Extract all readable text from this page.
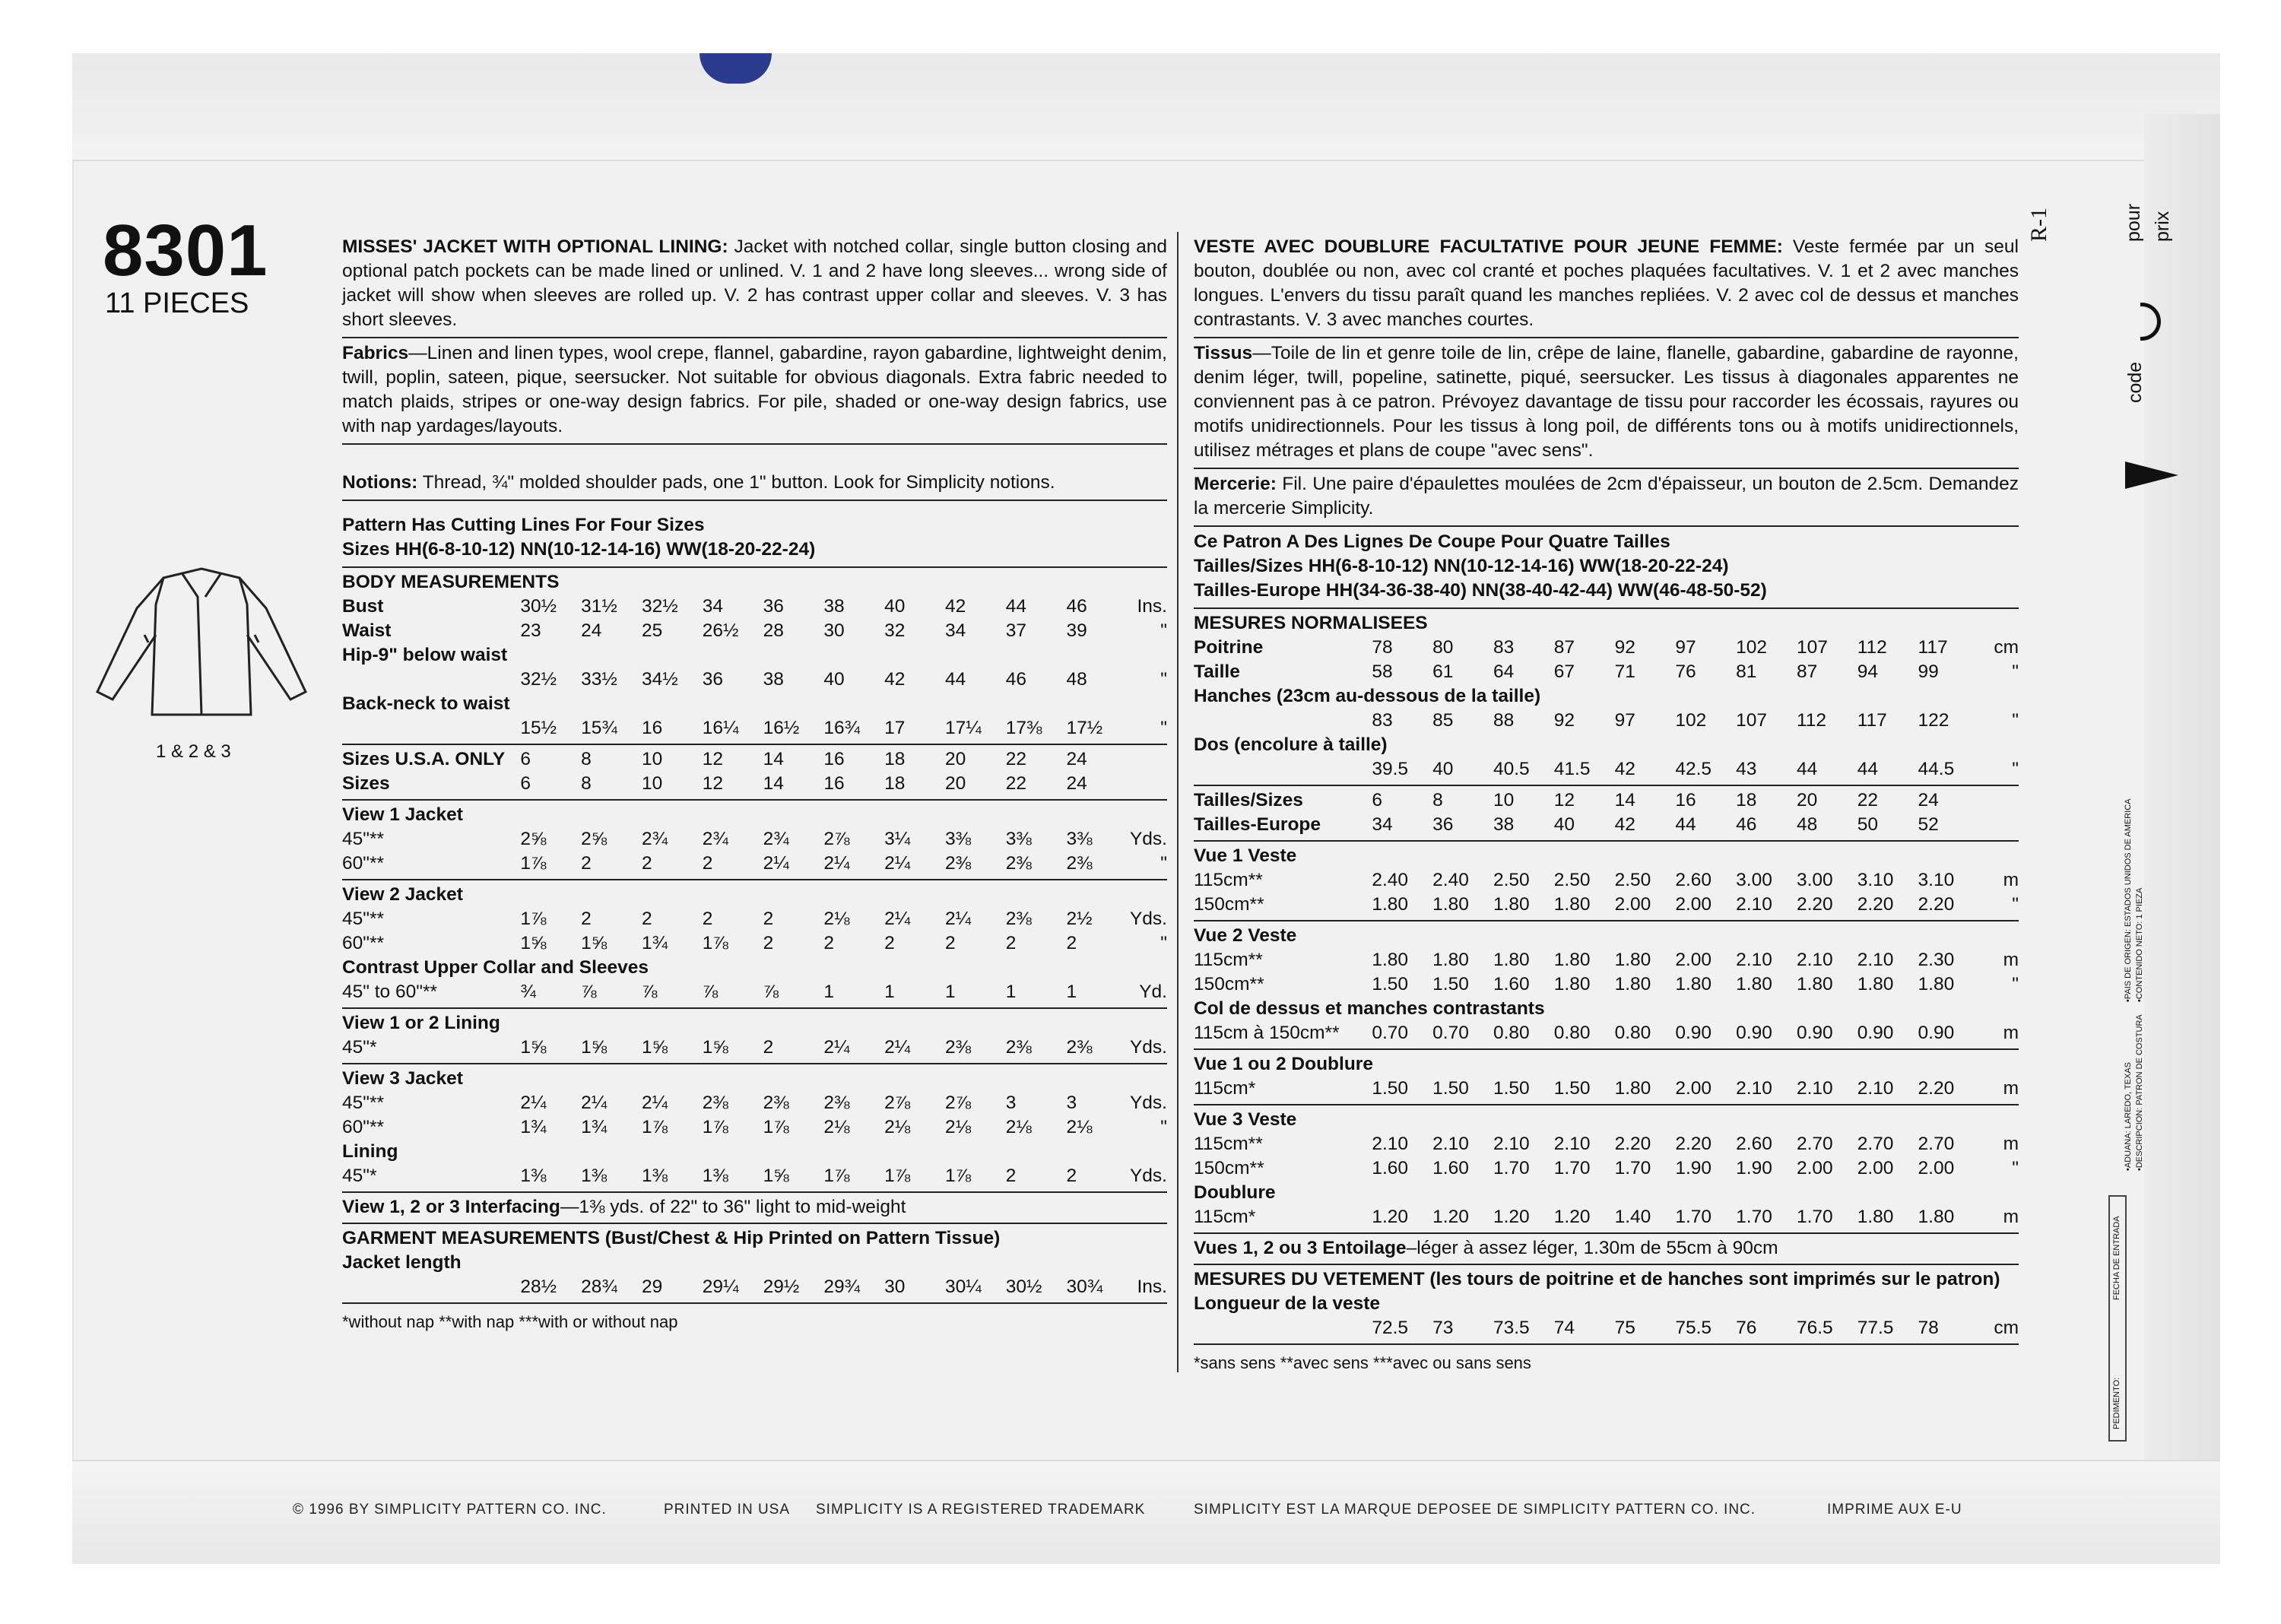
8301
11 PIECES
1 & 2 & 3

MISSES' JACKET WITH OPTIONAL LINING: Jacket with notched collar, single button closing and optional patch pockets can be made lined or unlined. V. 1 and 2 have long sleeves... wrong side of jacket will show when sleeves are rolled up. V. 2 has contrast upper collar and sleeves. V. 3 has short sleeves.

Fabrics—Linen and linen types, wool crepe, flannel, gabardine, rayon gabardine, lightweight denim, twill, poplin, sateen, pique, seersucker. Not suitable for obvious diagonals. Extra fabric needed to match plaids, stripes or one-way design fabrics. For pile, shaded or one-way design fabrics, use with nap yardages/layouts.

Notions: Thread, ¾" molded shoulder pads, one 1" button. Look for Simplicity notions.

Pattern Has Cutting Lines For Four Sizes
Sizes HH(6-8-10-12) NN(10-12-14-16) WW(18-20-22-24)
BODY MEASUREMENTS											
Bust	30½	31½	32½	34	36	38	40	42	44	46	Ins.
Waist	23	24	25	26½	28	30	32	34	37	39	"
Hip-9" below waist											
	32½	33½	34½	36	38	40	42	44	46	48	"
Back-neck to waist											
	15½	15¾	16	16¼	16½	16¾	17	17¼	17⅜	17½	"
Sizes U.S.A. ONLY	6	8	10	12	14	16	18	20	22	24	
Sizes	6	8	10	12	14	16	18	20	22	24	
View 1 Jacket											
45"**	2⅝	2⅝	2¾	2¾	2¾	2⅞	3¼	3⅜	3⅜	3⅜	Yds.
60"**	1⅞	2	2	2	2¼	2¼	2¼	2⅜	2⅜	2⅜	"
View 2 Jacket											
45"**	1⅞	2	2	2	2	2⅛	2¼	2¼	2⅜	2½	Yds.
60"**	1⅝	1⅝	1¾	1⅞	2	2	2	2	2	2	"
Contrast Upper Collar and Sleeves											
45" to 60"**	¾	⅞	⅞	⅞	⅞	1	1	1	1	1	Yd.
View 1 or 2 Lining
45"*	1⅝	1⅝	1⅝	1⅝	2	2¼	2¼	2⅜	2⅜	2⅜	Yds.
View 3 Jacket											
45"**	2¼	2¼	2¼	2⅜	2⅜	2⅜	2⅞	2⅞	3	3	Yds.
60"**	1¾	1¾	1⅞	1⅞	1⅞	2⅛	2⅛	2⅛	2⅛	2⅛	"
Lining											
45"*	1⅜	1⅜	1⅜	1⅜	1⅝	1⅞	1⅞	1⅞	2	2	Yds.
View 1, 2 or 3 Interfacing—1⅜ yds. of 22" to 36" light to mid-weight
GARMENT MEASUREMENTS (Bust/Chest & Hip Printed on Pattern Tissue)
Jacket length
	28½	28¾	29	29¼	29½	29¾	30	30¼	30½	30¾	Ins.
*without nap **with nap ***with or without nap

VESTE AVEC DOUBLURE FACULTATIVE POUR JEUNE FEMME: Veste fermée par un seul bouton, doublée ou non, avec col cranté et poches plaquées facultatives. V. 1 et 2 avec manches longues. L'envers du tissu paraît quand les manches repliées. V. 2 avec col de dessus et manches contrastants. V. 3 avec manches courtes.

Tissus—Toile de lin et genre toile de lin, crêpe de laine, flanelle, gabardine, gabardine de rayonne, denim léger, twill, popeline, satinette, piqué, seersucker. Les tissus à diagonales apparentes ne conviennent pas à ce patron. Prévoyez davantage de tissu pour raccorder les écossais, rayures ou motifs unidirectionnels. Pour les tissus à long poil, de différents tons ou à motifs unidirectionnels, utilisez métrages et plans de coupe "avec sens".

Mercerie: Fil. Une paire d'épaulettes moulées de 2cm d'épaisseur, un bouton de 2.5cm. Demandez la mercerie Simplicity.

Ce Patron A Des Lignes De Coupe Pour Quatre Tailles
Tailles/Sizes HH(6-8-10-12) NN(10-12-14-16) WW(18-20-22-24)
Tailles-Europe HH(34-36-38-40) NN(38-40-42-44) WW(46-48-50-52)
MESURES NORMALISEES											
Poitrine	78	80	83	87	92	97	102	107	112	117	cm
Taille	58	61	64	67	71	76	81	87	94	99	"
Hanches (23cm au-dessous de la taille)											
	83	85	88	92	97	102	107	112	117	122	"
Dos (encolure à taille)											
	39.5	40	40.5	41.5	42	42.5	43	44	44	44.5	"
Tailles/Sizes	6	8	10	12	14	16	18	20	22	24	
Tailles-Europe	34	36	38	40	42	44	46	48	50	52	
Vue 1 Veste											
115cm**	2.40	2.40	2.50	2.50	2.50	2.60	3.00	3.00	3.10	3.10	m
150cm**	1.80	1.80	1.80	1.80	2.00	2.00	2.10	2.20	2.20	2.20	"
Vue 2 Veste											
115cm**	1.80	1.80	1.80	1.80	1.80	2.00	2.10	2.10	2.10	2.30	m
150cm**	1.50	1.50	1.60	1.80	1.80	1.80	1.80	1.80	1.80	1.80	"
Col de dessus et manches contrastants											
115cm à 150cm**	0.70	0.70	0.80	0.80	0.80	0.90	0.90	0.90	0.90	0.90	m
Vue 1 ou 2 Doublure
115cm*	1.50	1.50	1.50	1.50	1.80	2.00	2.10	2.10	2.10	2.20	m
Vue 3 Veste											
115cm**	2.10	2.10	2.10	2.10	2.20	2.20	2.60	2.70	2.70	2.70	m
150cm**	1.60	1.60	1.70	1.70	1.70	1.90	1.90	2.00	2.00	2.00	"
Doublure											
115cm*	1.20	1.20	1.20	1.20	1.40	1.70	1.70	1.70	1.80	1.80	m
Vues 1, 2 ou 3 Entoilage–léger à assez léger, 1.30m de 55cm à 90cm
MESURES DU VETEMENT (les tours de poitrine et de hanches sont imprimés sur le patron)
Longueur de la veste
	72.5	73	73.5	74	75	75.5	76	76.5	77.5	78	cm
*sans sens **avec sens ***avec ou sans sens
R-1	pour prix
code
•PAIS DE ORIGEN: ESTADOS UNIDOS DE AMERICA •CONTENIDO NETO: 1 PIEZA
•ADUANA: LAREDO, TEXAS •DESCRIPCION: PATRON DE COSTURA
FECHA DE ENTRADA
PEDIMENTO:
© 1996 BY SIMPLICITY PATTERN CO. INC.	PRINTED IN USA SIMPLICITY IS A REGISTERED TRADEMARK	SIMPLICITY EST LA MARQUE DEPOSEE DE SIMPLICITY PATTERN CO. INC.	IMPRIME AUX E-U
